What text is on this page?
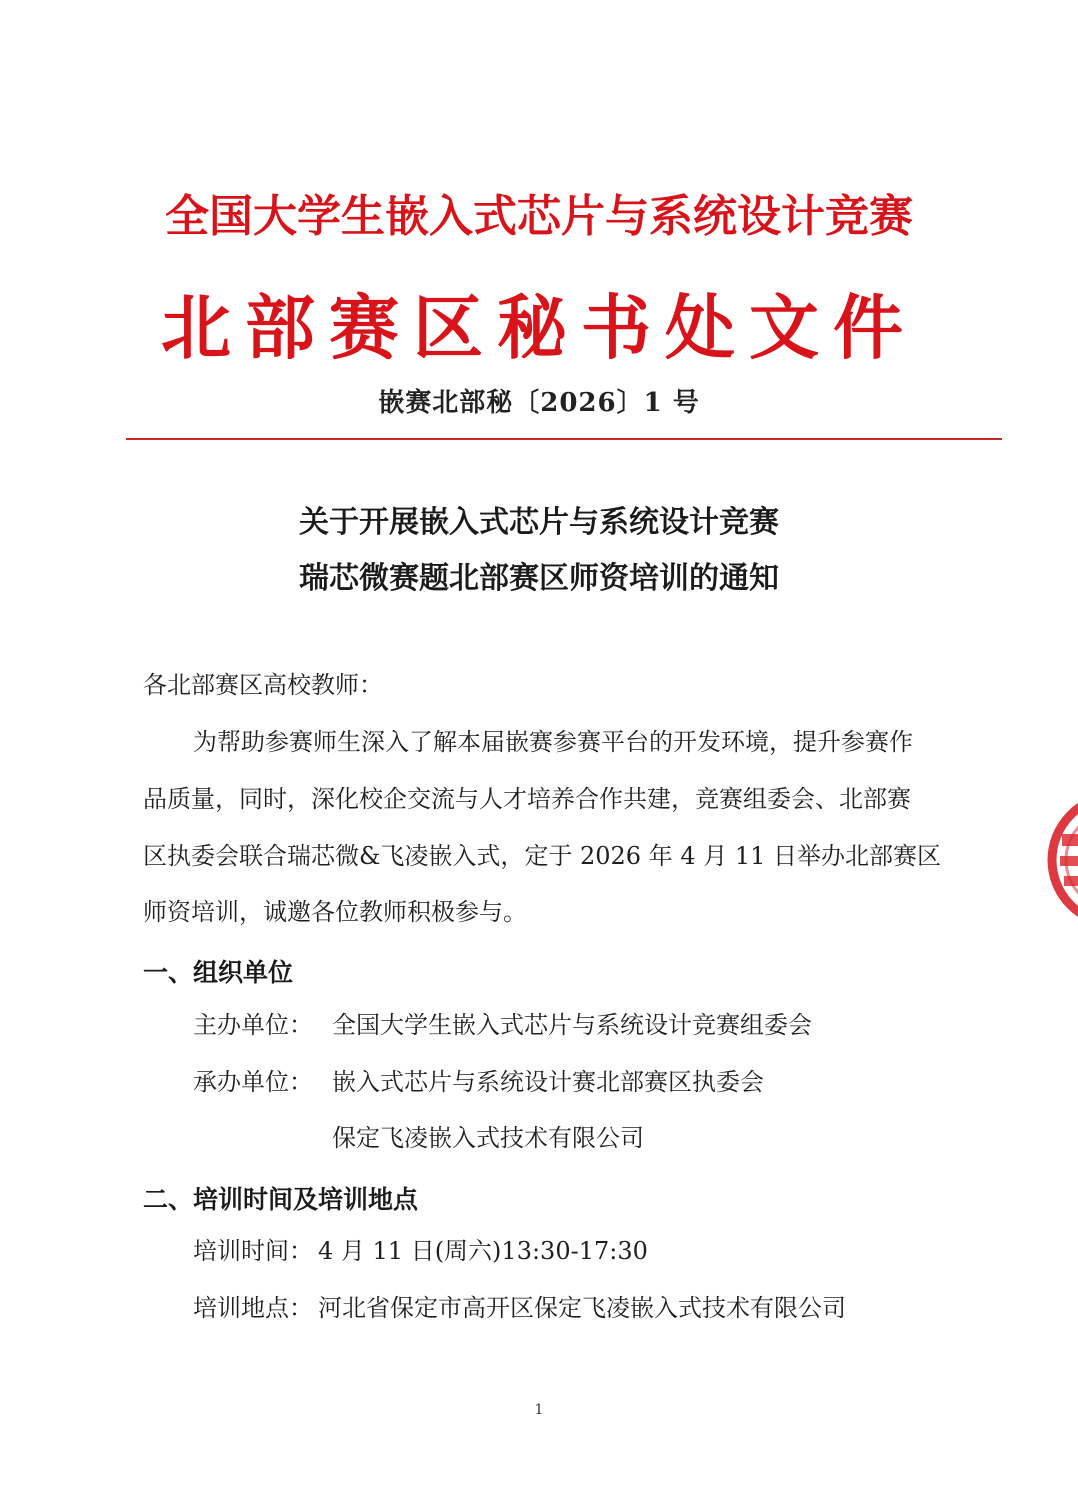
全国大学生嵌入式芯片与系统设计竞赛
北部赛区秘书处文件
嵌赛北部秘〔2026〕1 号
关于开展嵌入式芯片与系统设计竞赛
瑞芯微赛题北部赛区师资培训的通知
各北部赛区高校教师：
为帮助参赛师生深入了解本届嵌赛参赛平台的开发环境，提升参赛作
品质量，同时，深化校企交流与人才培养合作共建，竞赛组委会、北部赛
区执委会联合瑞芯微&飞凌嵌入式，定于 2026 年 4 月 11 日举办北部赛区
师资培训，诚邀各位教师积极参与。
一、组织单位
主办单位： 全国大学生嵌入式芯片与系统设计竞赛组委会
承办单位： 嵌入式芯片与系统设计赛北部赛区执委会
保定飞凌嵌入式技术有限公司
二、培训时间及培训地点
培训时间： 4 月 11 日(周六)13:30-17:30
培训地点： 河北省保定市高开区保定飞凌嵌入式技术有限公司
1
